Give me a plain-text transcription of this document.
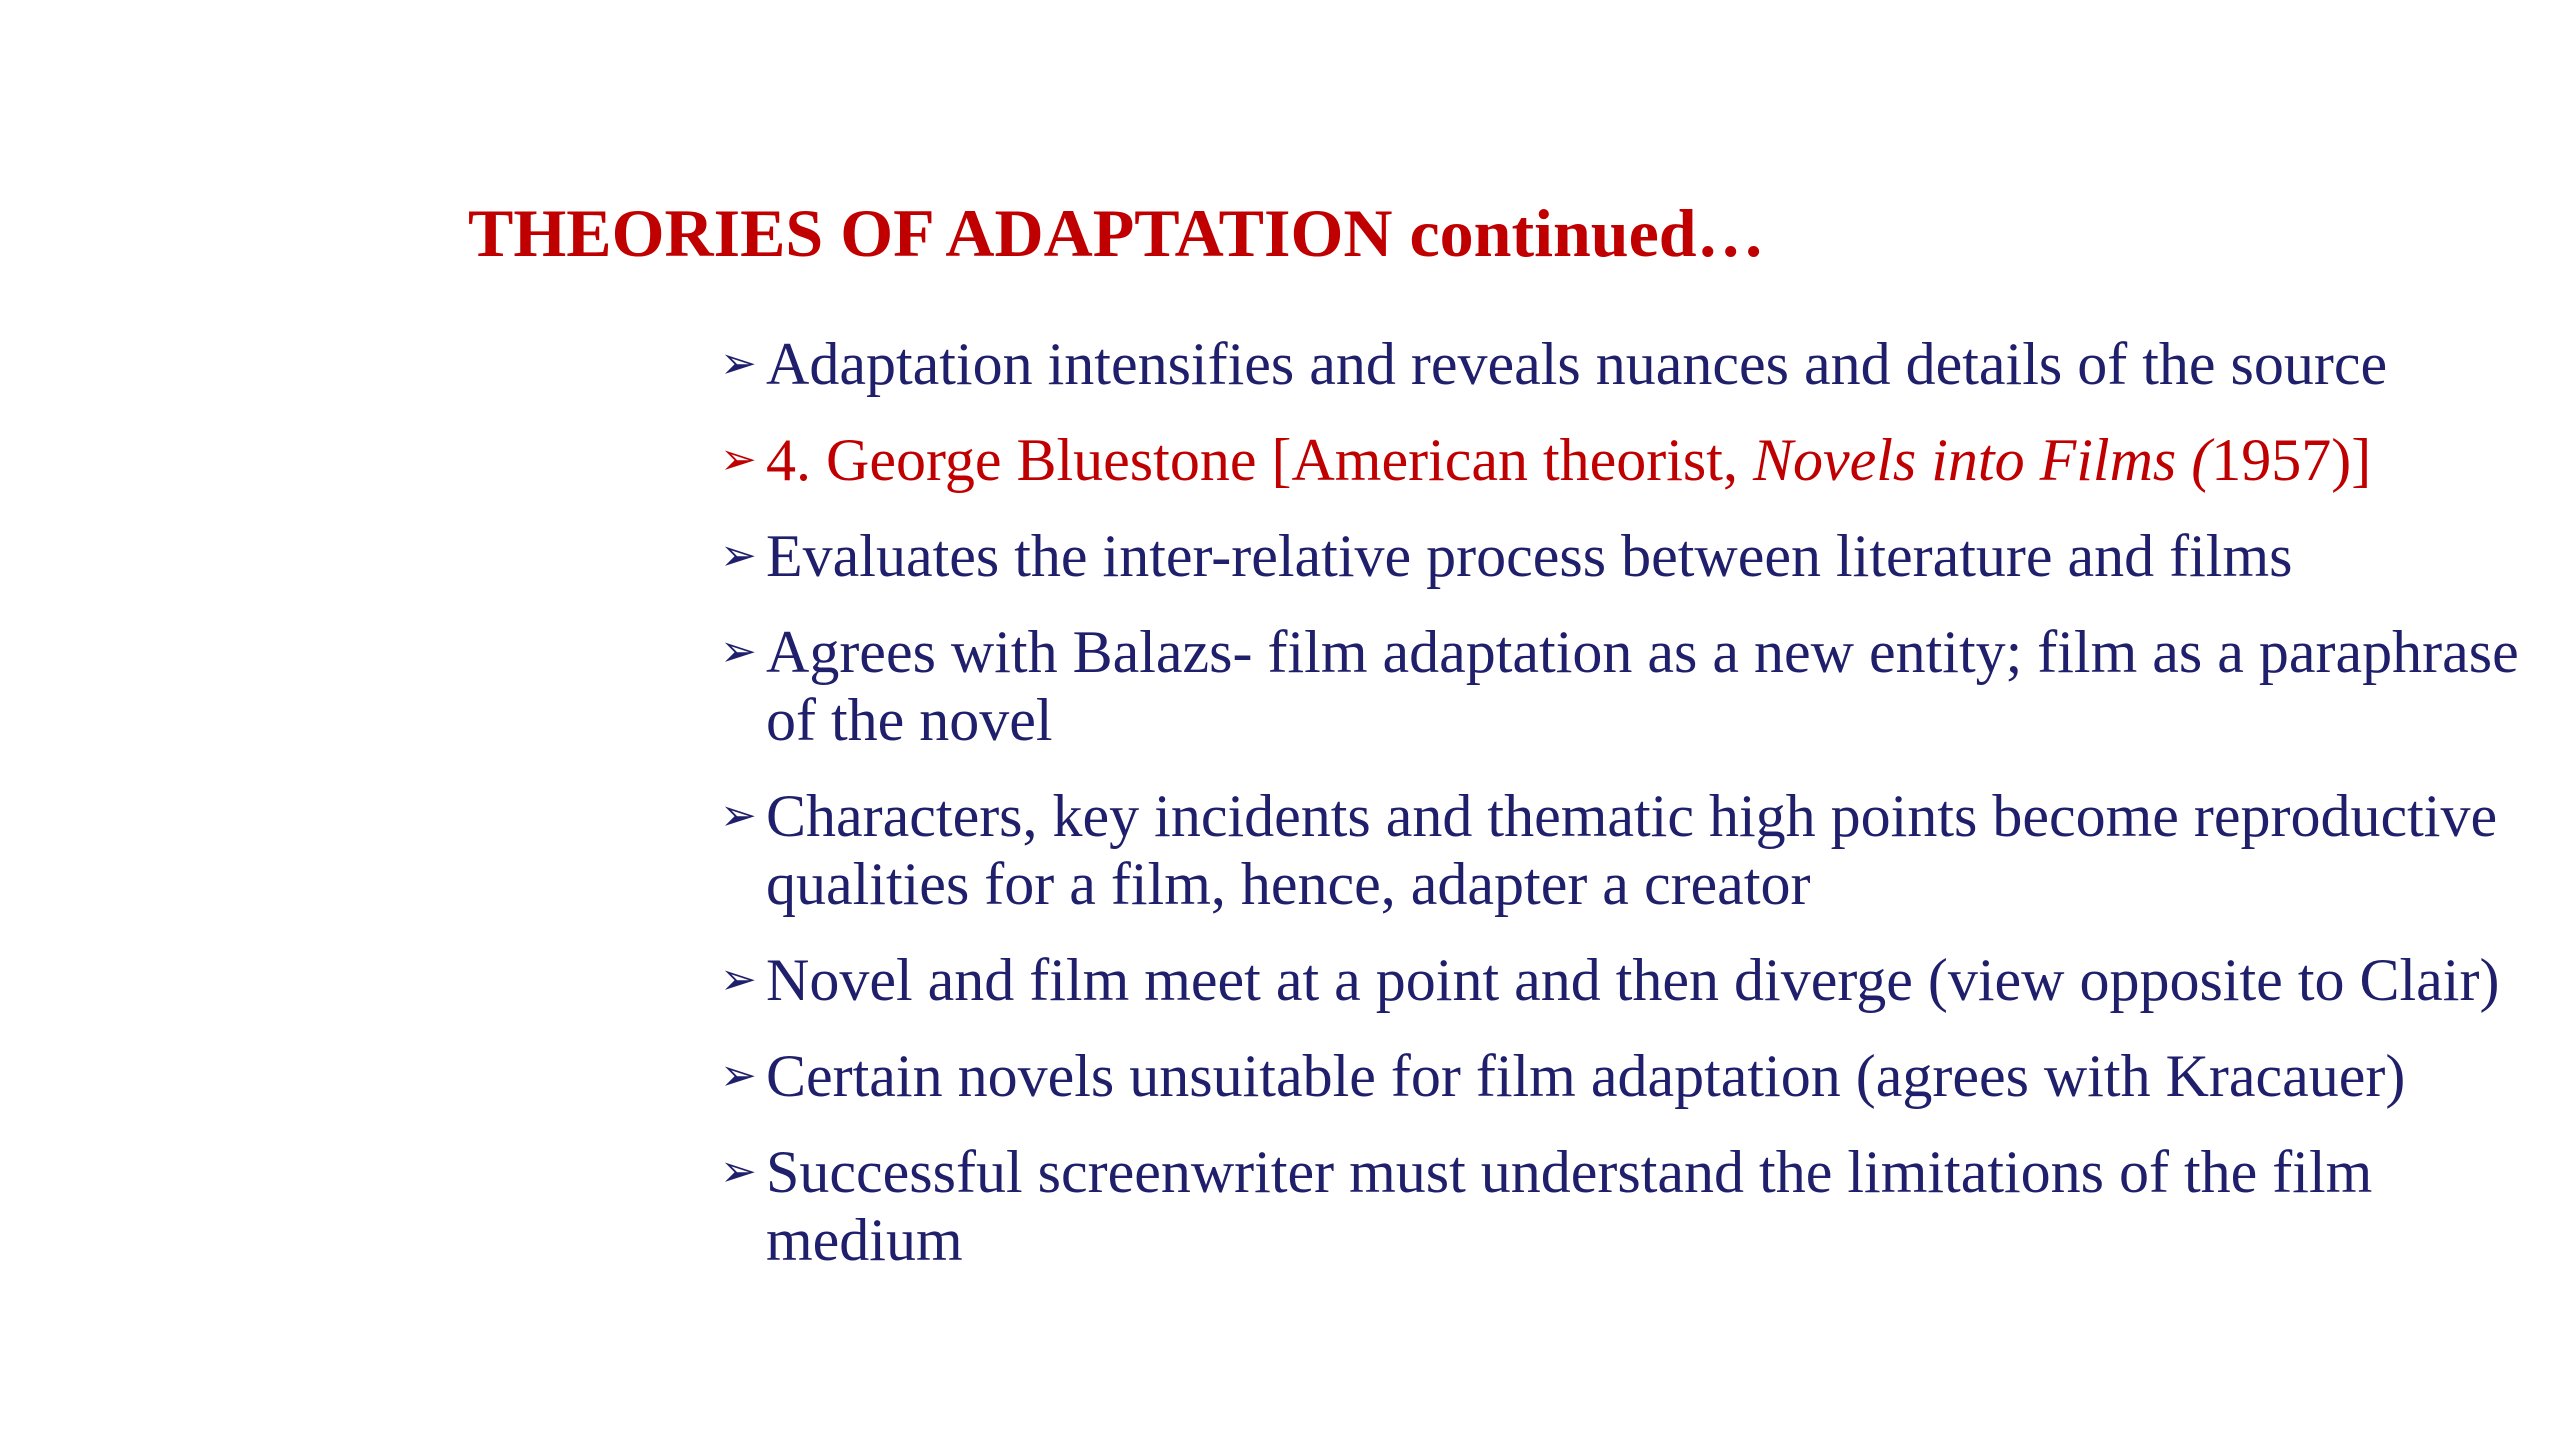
THEORIES OF ADAPTATION continued…
➢ Adaptation intensifies and reveals nuances and details of the source
➢ 4. George Bluestone [American theorist, Novels into Films (1957)]
➢ Evaluates the inter-relative process between literature and films
➢ Agrees with Balazs- film adaptation as a new entity; film as a paraphrase of the novel
➢ Characters, key incidents and thematic high points become reproductive qualities for a film, hence, adapter a creator
➢ Novel and film meet at a point and then diverge (view opposite to Clair)
➢ Certain novels unsuitable for film adaptation (agrees with Kracauer)
➢ Successful screenwriter must understand the limitations of the film medium
